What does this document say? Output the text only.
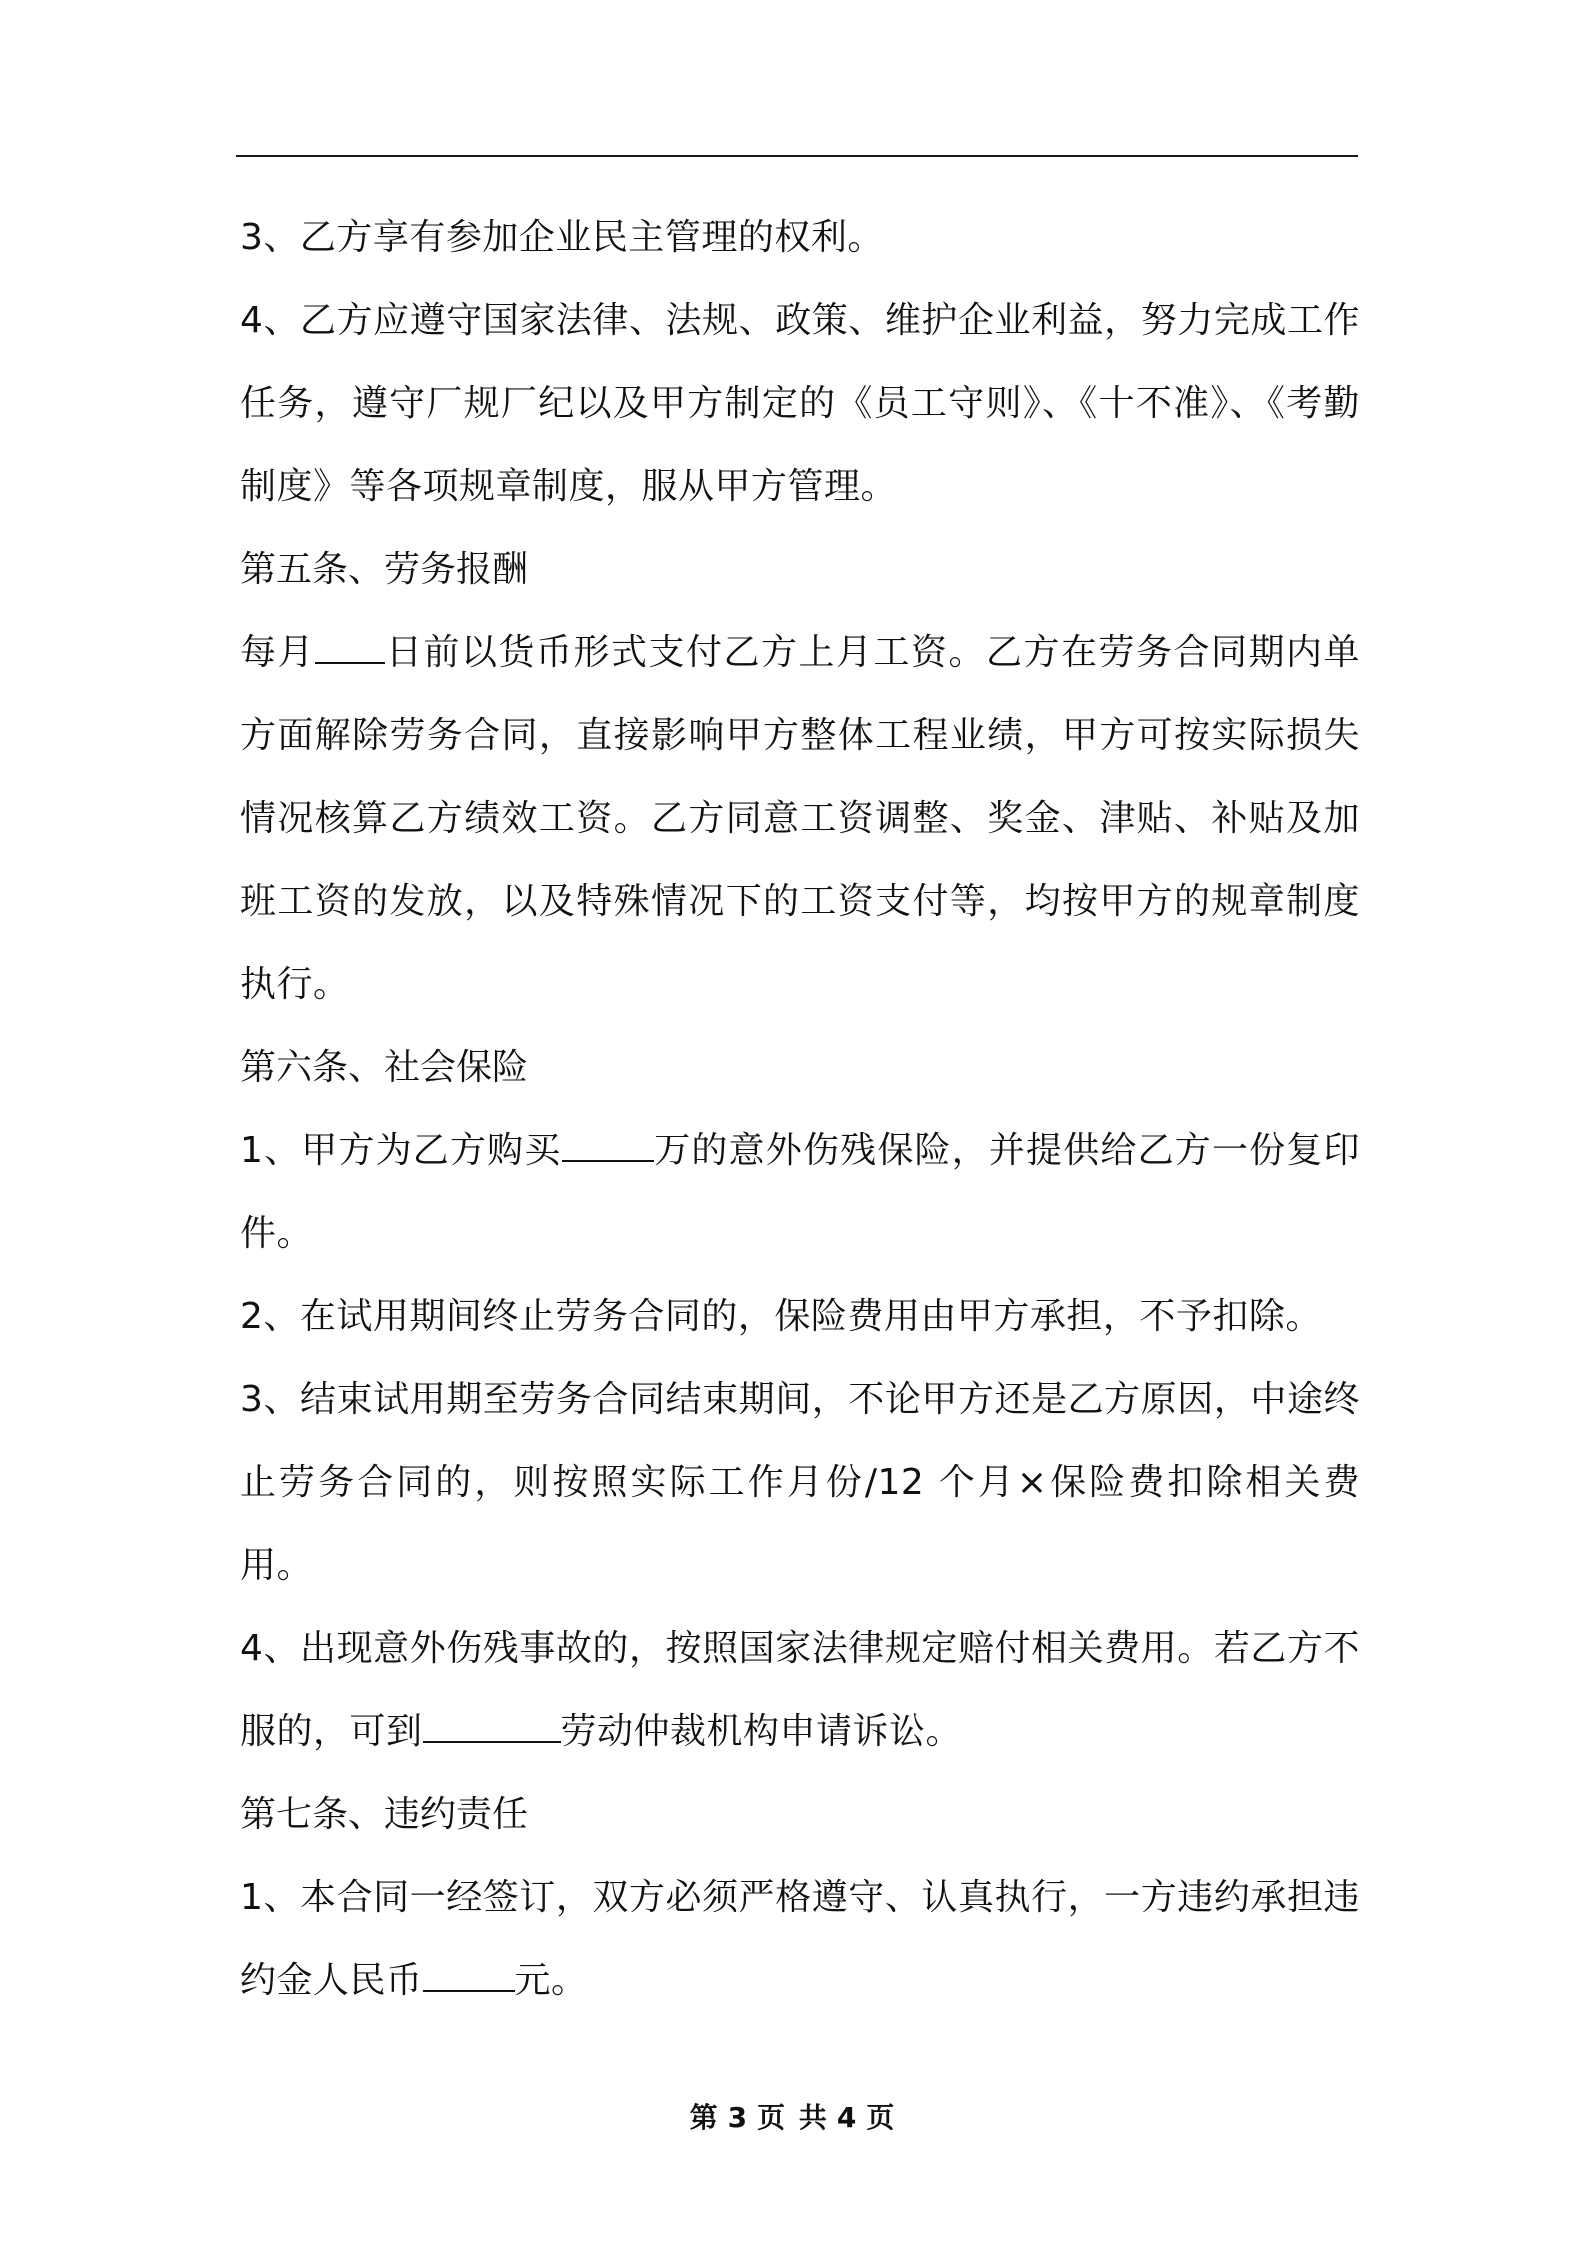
3、乙方享有参加企业民主管理的权利。

4、乙方应遵守国家法律、法规、政策、维护企业利益，努力完成工作任务，遵守厂规厂纪以及甲方制定的《员工守则》、《十不准》、《考勤制度》等各项规章制度，服从甲方管理。

第五条、劳务报酬

每月 日前以货币形式支付乙方上月工资。乙方在劳务合同期内单方面解除劳务合同，直接影响甲方整体工程业绩，甲方可按实际损失情况核算乙方绩效工资。乙方同意工资调整、奖金、津贴、补贴及加班工资的发放，以及特殊情况下的工资支付等，均按甲方的规章制度执行。

第六条、社会保险

1、甲方为乙方购买	万的意外伤残保险，并提供给乙方一份复印件。

2、在试用期间终止劳务合同的，保险费用由甲方承担，不予扣除。

3、结束试用期至劳务合同结束期间，不论甲方还是乙方原因，中途终止劳务合同的，则按照实际工作月份/12 个月×保险费扣除相关费用。

4、出现意外伤残事故的，按照国家法律规定赔付相关费用。若乙方不服的，可到	劳动仲裁机构申请诉讼。

第七条、违约责任

1、本合同一经签订，双方必须严格遵守、认真执行，一方违约承担违约金人民币	元。

第 3 页 共 4 页
